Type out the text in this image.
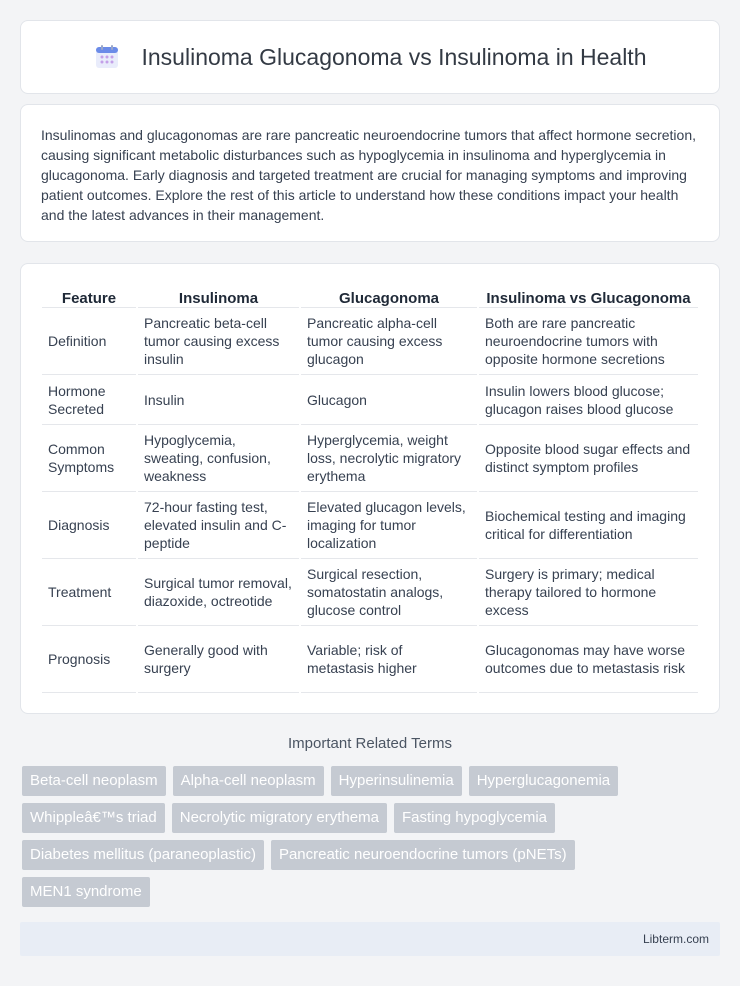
Insulinoma Glucagonoma vs Insulinoma in Health

Insulinomas and glucagonomas are rare pancreatic neuroendocrine tumors that affect hormone secretion, causing significant metabolic disturbances such as hypoglycemia in insulinoma and hyperglycemia in glucagonoma. Early diagnosis and targeted treatment are crucial for managing symptoms and improving patient outcomes. Explore the rest of this article to understand how these conditions impact your health and the latest advances in their management.

Feature	Insulinoma	Glucagonoma	Insulinoma vs Glucagonoma
Definition	Pancreatic beta-cell tumor causing excess insulin	Pancreatic alpha-cell tumor causing excess glucagon	Both are rare pancreatic neuroendocrine tumors with opposite hormone secretions
Hormone Secreted	Insulin	Glucagon	Insulin lowers blood glucose; glucagon raises blood glucose
Common Symptoms	Hypoglycemia, sweating, confusion, weakness	Hyperglycemia, weight loss, necrolytic migratory erythema	Opposite blood sugar effects and distinct symptom profiles
Diagnosis	72-hour fasting test, elevated insulin and C-peptide	Elevated glucagon levels, imaging for tumor localization	Biochemical testing and imaging critical for differentiation
Treatment	Surgical tumor removal, diazoxide, octreotide	Surgical resection, somatostatin analogs, glucose control	Surgery is primary; medical therapy tailored to hormone excess
Prognosis	Generally good with surgery	Variable; risk of metastasis higher	Glucagonomas may have worse outcomes due to metastasis risk
Important Related Terms
Beta-cell neoplasm	Alpha-cell neoplasm	Hyperinsulinemia	Hyperglucagonemia
Whippleâ€™s triad	Necrolytic migratory erythema	Fasting hypoglycemia
Diabetes mellitus (paraneoplastic)	Pancreatic neuroendocrine tumors (pNETs)
MEN1 syndrome
Libterm.com
